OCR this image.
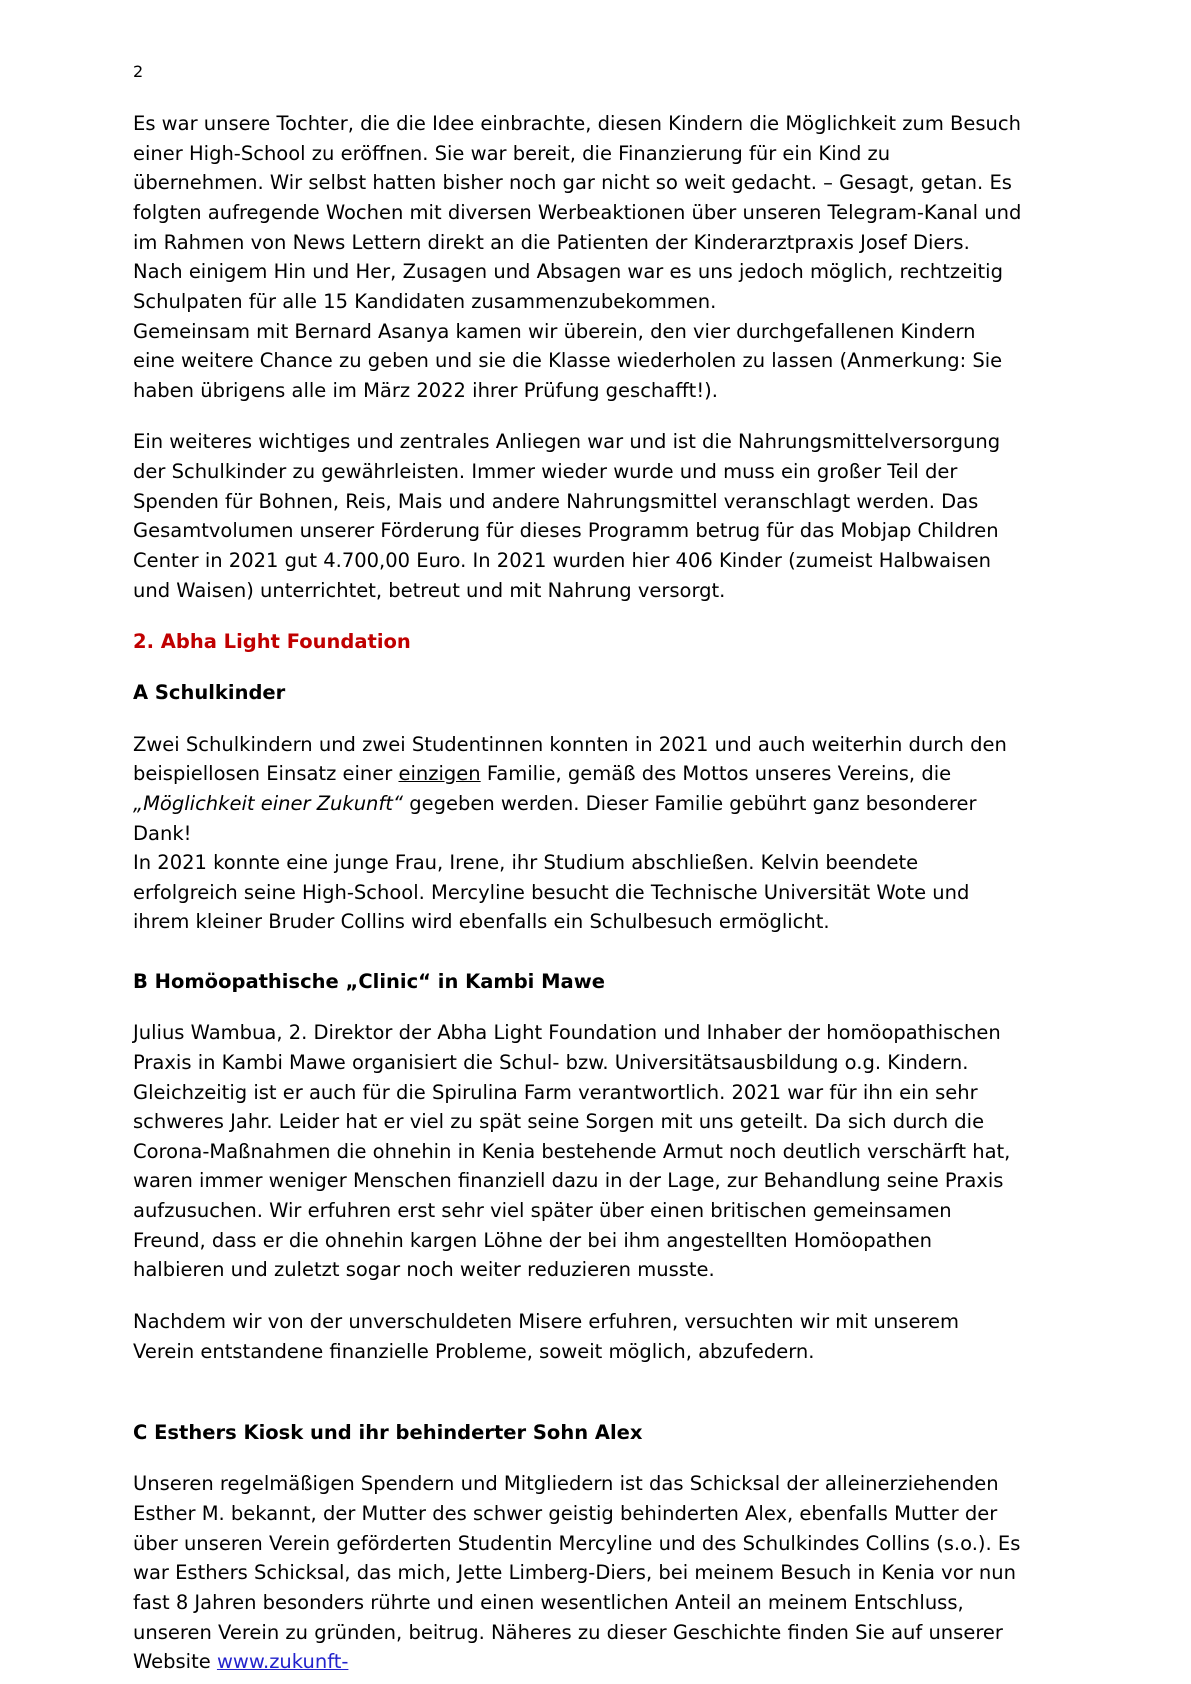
2

Es war unsere Tochter, die die Idee einbrachte, diesen Kindern die Möglichkeit zum Besuch einer High-School zu eröffnen. Sie war bereit, die Finanzierung für ein Kind zu übernehmen. Wir selbst hatten bisher noch gar nicht so weit gedacht. – Gesagt, getan. Es folgten aufregende Wochen mit diversen Werbeaktionen über unseren Telegram-Kanal und im Rahmen von News Lettern direkt an die Patienten der Kinderarztpraxis Josef Diers. Nach einigem Hin und Her, Zusagen und Absagen war es uns jedoch möglich, rechtzeitig Schulpaten für alle 15 Kandidaten zusammenzubekommen.

Gemeinsam mit Bernard Asanya kamen wir überein, den vier durchgefallenen Kindern eine weitere Chance zu geben und sie die Klasse wiederholen zu lassen (Anmerkung: Sie haben übrigens alle im März 2022 ihrer Prüfung geschafft!).

Ein weiteres wichtiges und zentrales Anliegen war und ist die Nahrungsmittelversorgung der Schulkinder zu gewährleisten. Immer wieder wurde und muss ein großer Teil der Spenden für Bohnen, Reis, Mais und andere Nahrungsmittel veranschlagt werden. Das Gesamtvolumen unserer Förderung für dieses Programm betrug für das Mobjap Children Center in 2021 gut 4.700,00 Euro. In 2021 wurden hier 406 Kinder (zumeist Halbwaisen und Waisen) unterrichtet, betreut und mit Nahrung versorgt.

2. Abha Light Foundation
A Schulkinder

Zwei Schulkindern und zwei Studentinnen konnten in 2021 und auch weiterhin durch den beispiellosen Einsatz einer einzigen Familie, gemäß des Mottos unseres Vereins, die „Möglichkeit einer Zukunft“ gegeben werden. Dieser Familie gebührt ganz besonderer Dank!

In 2021 konnte eine junge Frau, Irene, ihr Studium abschließen. Kelvin beendete erfolgreich seine High-School. Mercyline besucht die Technische Universität Wote und ihrem kleiner Bruder Collins wird ebenfalls ein Schulbesuch ermöglicht.

B Homöopathische „Clinic“ in Kambi Mawe

Julius Wambua, 2. Direktor der Abha Light Foundation und Inhaber der homöopathischen Praxis in Kambi Mawe organisiert die Schul- bzw. Universitätsausbildung o.g. Kindern. Gleichzeitig ist er auch für die Spirulina Farm verantwortlich. 2021 war für ihn ein sehr schweres Jahr. Leider hat er viel zu spät seine Sorgen mit uns geteilt. Da sich durch die Corona-Maßnahmen die ohnehin in Kenia bestehende Armut noch deutlich verschärft hat, waren immer weniger Menschen finanziell dazu in der Lage, zur Behandlung seine Praxis aufzusuchen. Wir erfuhren erst sehr viel später über einen britischen gemeinsamen Freund, dass er die ohnehin kargen Löhne der bei ihm angestellten Homöopathen halbieren und zuletzt sogar noch weiter reduzieren musste.

Nachdem wir von der unverschuldeten Misere erfuhren, versuchten wir mit unserem Verein entstandene finanzielle Probleme, soweit möglich, abzufedern.

C Esthers Kiosk und ihr behinderter Sohn Alex

Unseren regelmäßigen Spendern und Mitgliedern ist das Schicksal der alleinerziehenden Esther M. bekannt, der Mutter des schwer geistig behinderten Alex, ebenfalls Mutter der über unseren Verein geförderten Studentin Mercyline und des Schulkindes Collins (s.o.). Es war Esthers Schicksal, das mich, Jette Limberg-Diers, bei meinem Besuch in Kenia vor nun fast 8 Jahren besonders rührte und einen wesentlichen Anteil an meinem Entschluss, unseren Verein zu gründen, beitrug. Näheres zu dieser Geschichte finden Sie auf unserer Website www.zukunft-
